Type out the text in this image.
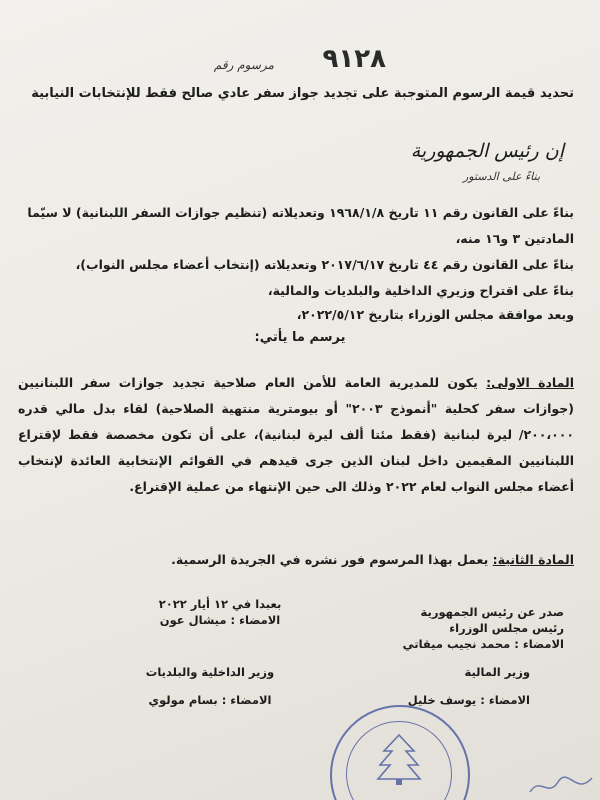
٩١٢٨
مرسوم رقم
تحديد قيمة الرسوم المتوجبة على تجديد جواز سفر عادي صالح فقط للإنتخابات النيابية
إن رئيس الجمهورية
بناءً على الدستور
بناءً على القانون رقم ١١ تاريخ ١٩٦٨/١/٨ وتعديلاته (تنظيم جوازات السفر اللبنانية) لا سيّما
المادتين ٣ و١٦ منه،
بناءً على القانون رقم ٤٤ تاريخ ٢٠١٧/٦/١٧ وتعديلاته (إنتخاب أعضاء مجلس النواب)،
بناءً على اقتراح وزيري الداخلية والبلديات والمالية،
وبعد موافقة مجلس الوزراء بتاريخ ٢٠٢٢/٥/١٢،
يرسم ما يأتي:
المادة الاولى: يكون للمديرية العامة للأمن العام صلاحية تجديد جوازات سفر اللبنانيين (جوازات سفر كحلية "أنموذج ٢٠٠٣" أو بيومترية منتهية الصلاحية) لقاء بدل مالي قدره ٢٠٠،٠٠٠/ ليرة لبنانية (فقط مئتا ألف ليرة لبنانية)، على أن تكون مخصصة فقط لإقتراع اللبنانيين المقيمين داخل لبنان الذين جرى قيدهم في القوائم الإنتخابية العائدة لإنتخاب أعضاء مجلس النواب لعام ٢٠٢٢ وذلك الى حين الإنتهاء من عملية الإقتراع.
المادة الثانية: يعمل بهذا المرسوم فور نشره في الجريدة الرسمية.
صدر عن رئيس الجمهورية
رئيس مجلس الوزراء
الامضاء : محمد نجيب ميقاتي
بعبدا في ١٢ أيار ٢٠٢٢
الامضاء : ميشال عون
وزير المالية
الامضاء : يوسف خليل
وزير الداخلية والبلديات
الامضاء : بسام مولوي
